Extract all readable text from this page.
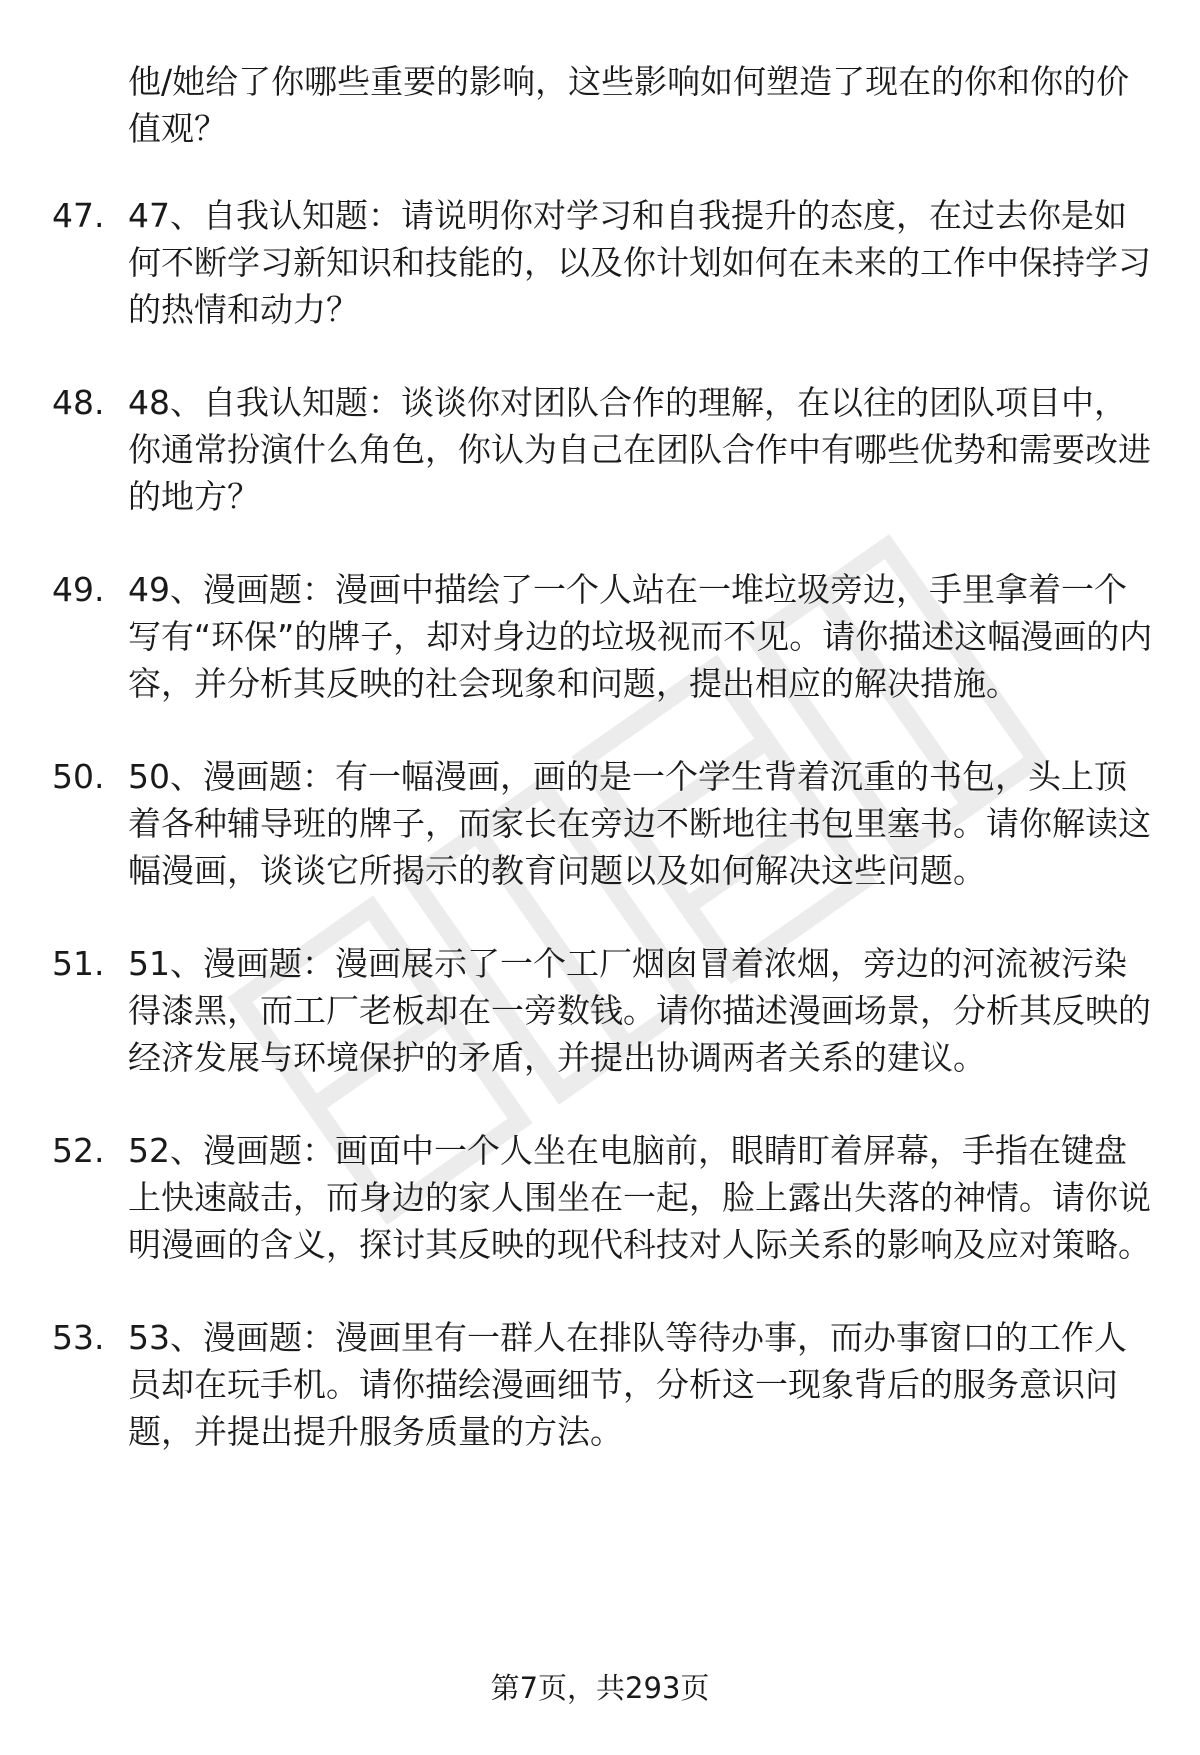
他/她给了你哪些重要的影响，这些影响如何塑造了现在的你和你的价值观？

47. 47、自我认知题：请说明你对学习和自我提升的态度，在过去你是如何不断学习新知识和技能的，以及你计划如何在未来的工作中保持学习的热情和动力？
48. 48、自我认知题：谈谈你对团队合作的理解，在以往的团队项目中，你通常扮演什么角色，你认为自己在团队合作中有哪些优势和需要改进的地方？
49. 49、漫画题：漫画中描绘了一个人站在一堆垃圾旁边，手里拿着一个写有“环保”的牌子，却对身边的垃圾视而不见。请你描述这幅漫画的内容，并分析其反映的社会现象和问题，提出相应的解决措施。
50. 50、漫画题：有一幅漫画，画的是一个学生背着沉重的书包，头上顶着各种辅导班的牌子，而家长在旁边不断地往书包里塞书。请你解读这幅漫画，谈谈它所揭示的教育问题以及如何解决这些问题。
51. 51、漫画题：漫画展示了一个工厂烟囱冒着浓烟，旁边的河流被污染得漆黑，而工厂老板却在一旁数钱。请你描述漫画场景，分析其反映的经济发展与环境保护的矛盾，并提出协调两者关系的建议。
52. 52、漫画题：画面中一个人坐在电脑前，眼睛盯着屏幕，手指在键盘上快速敲击，而身边的家人围坐在一起，脸上露出失落的神情。请你说明漫画的含义，探讨其反映的现代科技对人际关系的影响及应对策略。
53. 53、漫画题：漫画里有一群人在排队等待办事，而办事窗口的工作人员却在玩手机。请你描绘漫画细节，分析这一现象背后的服务意识问题，并提出提升服务质量的方法。
第7页，共293页
